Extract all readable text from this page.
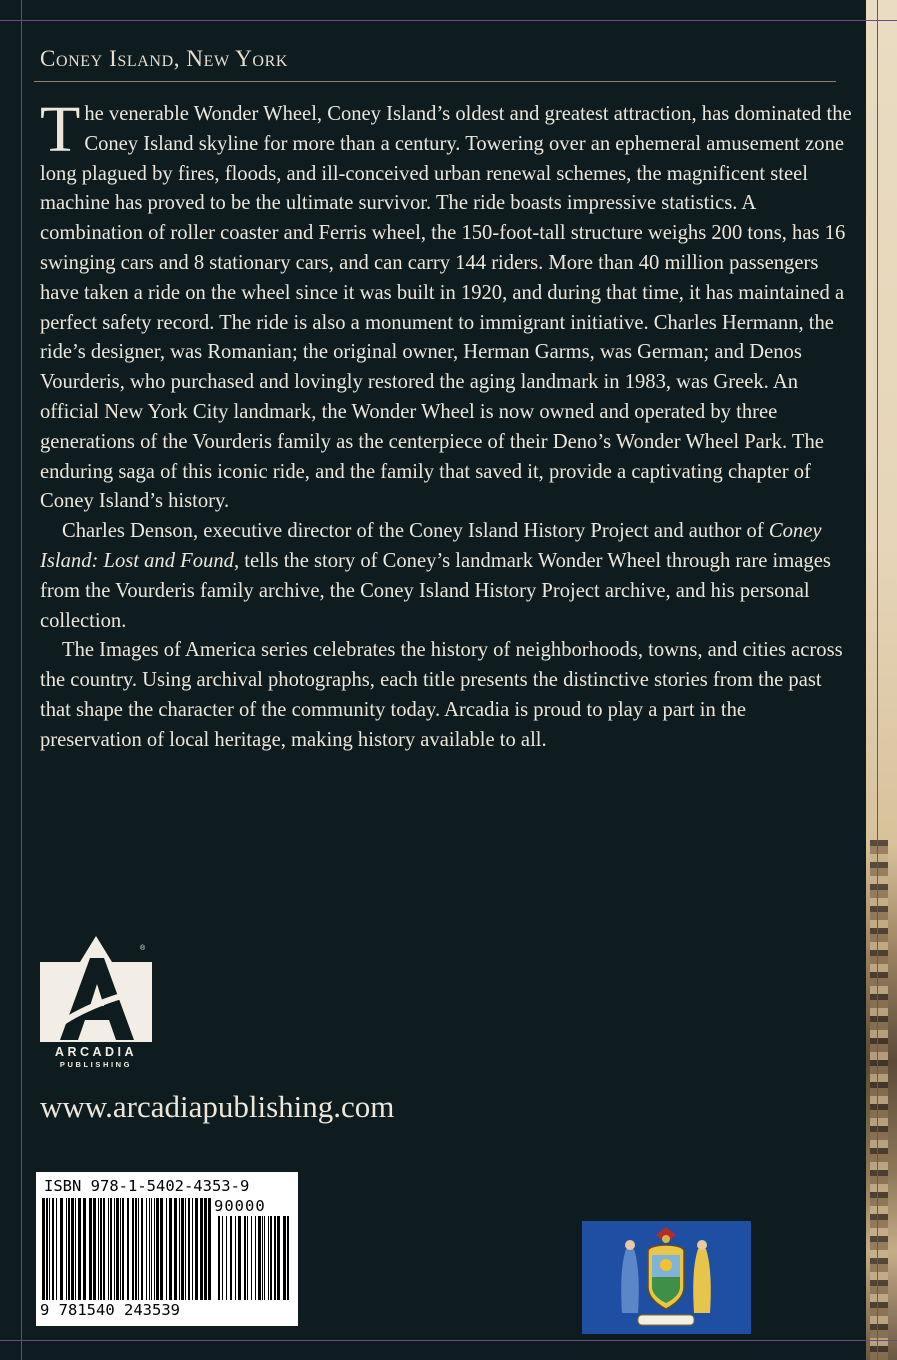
Coney Island, New York

The venerable Wonder Wheel, Coney Island’s oldest and greatest attraction, has dominated the Coney Island skyline for more than a century. Towering over an ephemeral amusement zone long plagued by fires, floods, and ill-conceived urban renewal schemes, the magnificent steel machine has proved to be the ultimate survivor. The ride boasts impressive statistics. A combination of roller coaster and Ferris wheel, the 150-foot-tall structure weighs 200 tons, has 16 swinging cars and 8 stationary cars, and can carry 144 riders. More than 40 million passengers have taken a ride on the wheel since it was built in 1920, and during that time, it has maintained a perfect safety record. The ride is also a monument to immigrant initiative. Charles Hermann, the ride’s designer, was Romanian; the original owner, Herman Garms, was German; and Denos Vourderis, who purchased and lovingly restored the aging landmark in 1983, was Greek. An official New York City landmark, the Wonder Wheel is now owned and operated by three generations of the Vourderis family as the centerpiece of their Deno’s Wonder Wheel Park. The enduring saga of this iconic ride, and the family that saved it, provide a captivating chapter of Coney Island’s history.

Charles Denson, executive director of the Coney Island History Project and author of Coney Island: Lost and Found, tells the story of Coney’s landmark Wonder Wheel through rare images from the Vourderis family archive, the Coney Island History Project archive, and his personal collection.

The Images of America series celebrates the history of neighborhoods, towns, and cities across the country. Using archival photographs, each title presents the distinctive stories from the past that shape the character of the community today. Arcadia is proud to play a part in the preservation of local heritage, making history available to all.

®
ARCADIA
PUBLISHING
www.arcadiapublishing.com
ISBN 978-1-5402-4353-9
90000
9 781540 243539
